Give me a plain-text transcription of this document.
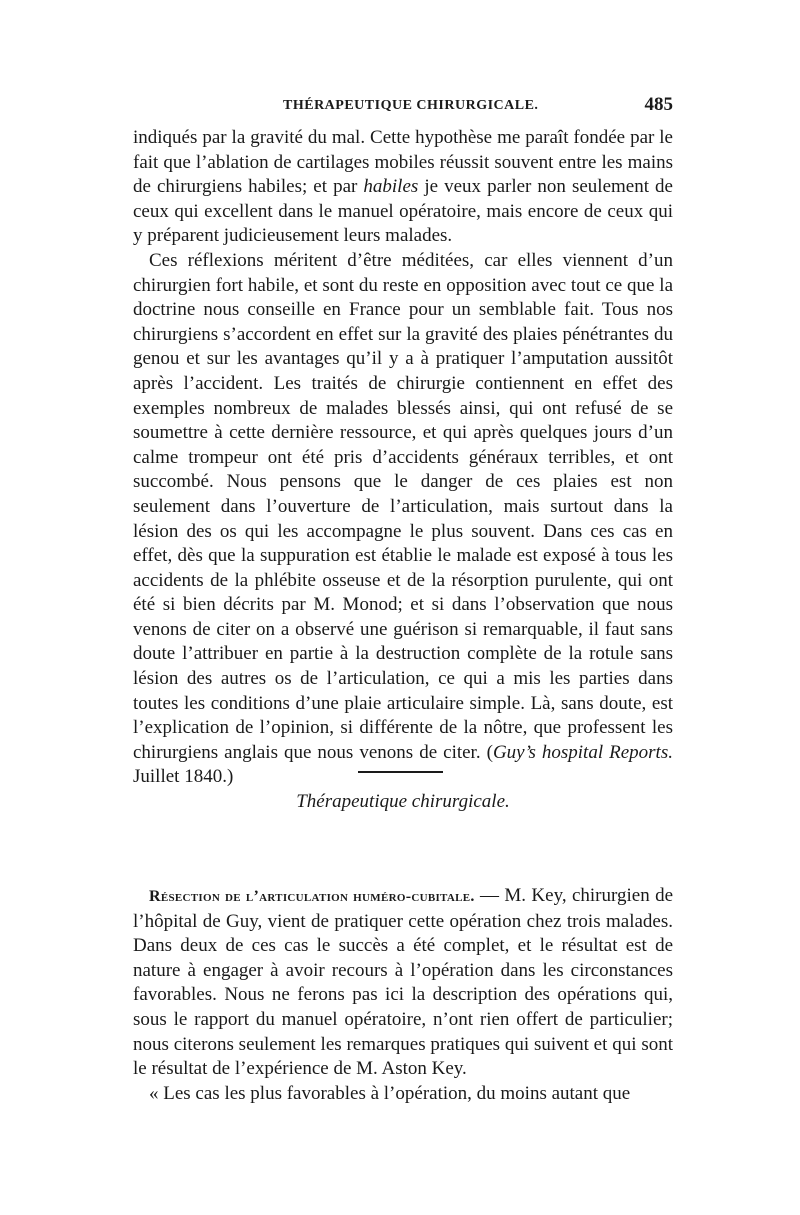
THÉRAPEUTIQUE CHIRURGICALE.	485

indiqués par la gravité du mal. Cette hypothèse me paraît fondée par le fait que l’ablation de cartilages mobiles réussit souvent entre les mains de chirurgiens habiles; et par habiles je veux parler non seulement de ceux qui excellent dans le manuel opératoire, mais encore de ceux qui y préparent judicieusement leurs malades.

Ces réflexions méritent d’être méditées, car elles viennent d’un chirurgien fort habile, et sont du reste en opposition avec tout ce que la doctrine nous conseille en France pour un semblable fait. Tous nos chirurgiens s’accordent en effet sur la gravité des plaies pénétrantes du genou et sur les avantages qu’il y a à pratiquer l’amputation aussitôt après l’accident. Les traités de chirurgie contiennent en effet des exemples nombreux de malades blessés ainsi, qui ont refusé de se soumettre à cette dernière ressource, et qui après quelques jours d’un calme trompeur ont été pris d’accidents généraux terribles, et ont succombé. Nous pensons que le danger de ces plaies est non seulement dans l’ouverture de l’articulation, mais surtout dans la lésion des os qui les accompagne le plus souvent. Dans ces cas en effet, dès que la suppuration est établie le malade est exposé à tous les accidents de la phlébite osseuse et de la résorption purulente, qui ont été si bien décrits par M. Monod; et si dans l’observation que nous venons de citer on a observé une guérison si remarquable, il faut sans doute l’attribuer en partie à la destruction complète de la rotule sans lésion des autres os de l’articulation, ce qui a mis les parties dans toutes les conditions d’une plaie articulaire simple. Là, sans doute, est l’explication de l’opinion, si différente de la nôtre, que professent les chirurgiens anglais que nous venons de citer. (Guy’s hospital Reports. Juillet 1840.)

Thérapeutique chirurgicale.

Résection de l’articulation huméro-cubitale. — M. Key, chirurgien de l’hôpital de Guy, vient de pratiquer cette opération chez trois malades. Dans deux de ces cas le succès a été complet, et le résultat est de nature à engager à avoir recours à l’opération dans les circonstances favorables. Nous ne ferons pas ici la description des opérations qui, sous le rapport du manuel opératoire, n’ont rien offert de particulier; nous citerons seulement les remarques pratiques qui suivent et qui sont le résultat de l’expérience de M. Aston Key.

« Les cas les plus favorables à l’opération, du moins autant que
